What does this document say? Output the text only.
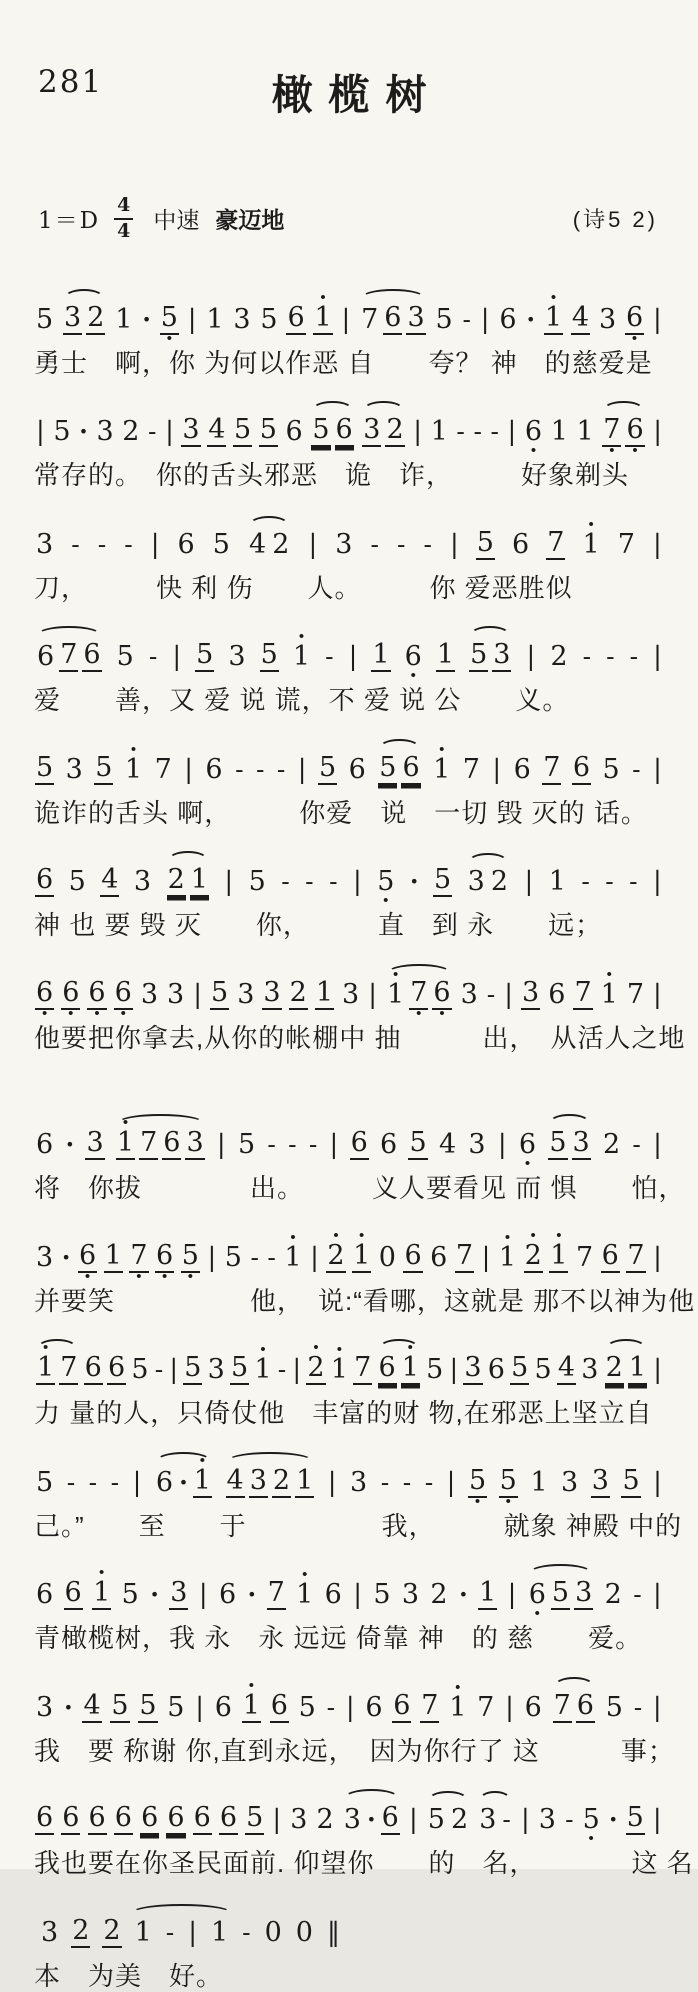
281	橄榄树
$1=D \frac{4}{4}$ 中速 豪迈地	(诗5 2)

5

3

2

1

·

5
•

|

1

3

5

6

•
1

|

7

6

3

5

-

|

6

·

•
1

4

3

6
•

|

勇士　啊，你 为何以作恶 自　　夸？ 神　的慈爱是

|

5

·

3

2

-

|

3

4

5

5

6

5

6

3

2

|

1

-

-

-

|

6
•

1

1

7
•

6
•

|

常存的。　你的舌头邪恶　诡　诈，　　　好象剃头

3

-

-

-

|

6

5

4

2

|

3

-

-

-

|

5

6

7

•
1

7

|

刀，　　　快 利 伤　　人。　　　你 爱恶胜似

6

7

6

5

-

|

5

3

5

•
1

-

|

1

6
•

1

5

3

|

2

-

-

-

|

爱　　善，又 爱 说 谎，不 爱 说 公　　义。

5

3

5

•
1

7

|

6

-

-

-

|

5

6

5

6

•
1

7

|

6

7

6

5

-

|

诡诈的舌头 啊，　　　你爱　说　一切 毁 灭的 话。

6

5

4

3

2

1

|

5

-

-

-

|

5
•

·

5

3

2

|

1

-

-

-

|

神 也 要 毁 灭　　你，　　　直　到 永　　远；

6
•

6
•

6
•

6
•

3

3

|

5

3

3

2

1

3

|

•
1

7
•

6
•

3

-

|

3

6

7

•
1

7

|

他要把你拿去,从你的帐棚中 抽　　　出，　从活人之地

6

·

3

•
1

7

6

3

|

5

-

-

-

|

6

6

5

4

3

|

6
•

5

3

2

-

|

将　你拔　　　　出。　　　义人要看见 而 惧　　怕，

3

·

6
•

1

7
•

6
•

5
•

|

5

-

-

•
1

|

•
2

•
1

0

6

6

7

|

•
1

•
2

•
1

7

6

7

|

并要笑　　　　　他，　说:“看哪，这就是 那不以神为他
•
1

7

6

6

5

-

|

5

3

5

•
1

-

|

•
2

•
1

7

6

•
1

5

|

3

6

5

5

4

3

2

1

|

力 量的人，只倚仗他　丰富的财 物,在邪恶上坚立自

5

-

-

-

|

6

·

•
1

4

3

2

1

|

3

-

-

-

|

5
•

5
•

1

3

3

5

|

己。”　　至　　于　　　　　我，　　　就象 神殿 中的

6

6

•
1

5

·

3

|

6

·

7

•
1

6

|

5

3

2

·

1

|

6
•

5

3

2

-

|

青橄榄树，我 永　永 远远 倚靠 神　的 慈　　爱。

3

·

4

5

5

5

|

6

•
1

6

5

-

|

6

6

7

•
1

7

|

6

7

6

5

-

|

我　要 称谢 你,直到永远，　因为你行了 这　　　事；

6

6

6

6

6

6

6

6

5

|

3

2

3

·

6

|

5

2

3

-

|

3

-

5
•

·

5

|

我也要在你圣民面前. 仰望你　　的　名，　　　　这 名

3

2

2

1

-

|

1

-

0

0

‖

本　为美　好。
